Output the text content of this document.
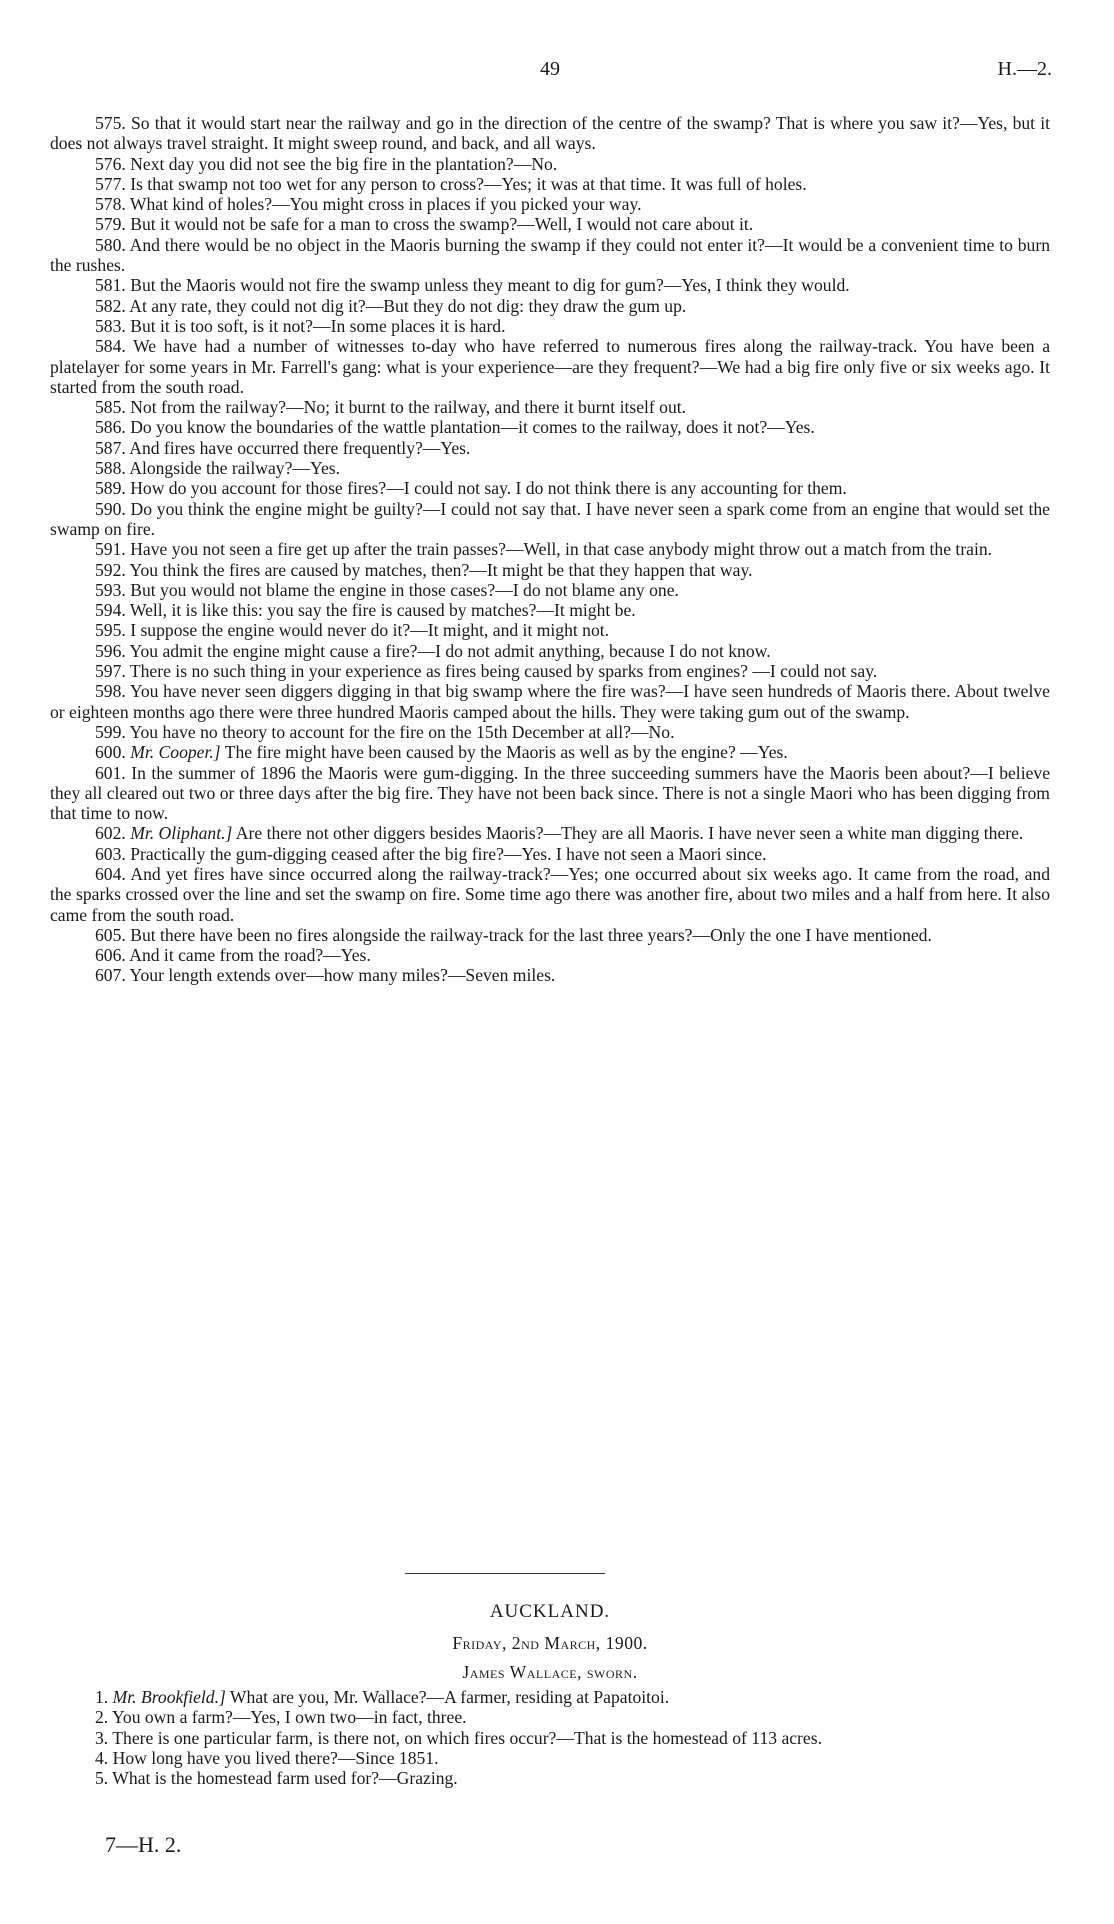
49	H.—2.

575. So that it would start near the railway and go in the direction of the centre of the swamp? That is where you saw it?—Yes, but it does not always travel straight. It might sweep round, and back, and all ways.

576. Next day you did not see the big fire in the plantation?—No.

577. Is that swamp not too wet for any person to cross?—Yes; it was at that time. It was full of holes.

578. What kind of holes?—You might cross in places if you picked your way.

579. But it would not be safe for a man to cross the swamp?—Well, I would not care about it.

580. And there would be no object in the Maoris burning the swamp if they could not enter it?—It would be a convenient time to burn the rushes.

581. But the Maoris would not fire the swamp unless they meant to dig for gum?—Yes, I think they would.

582. At any rate, they could not dig it?—But they do not dig: they draw the gum up.

583. But it is too soft, is it not?—In some places it is hard.

584. We have had a number of witnesses to-day who have referred to numerous fires along the railway-track. You have been a platelayer for some years in Mr. Farrell's gang: what is your experience—are they frequent?—We had a big fire only five or six weeks ago. It started from the south road.

585. Not from the railway?—No; it burnt to the railway, and there it burnt itself out.

586. Do you know the boundaries of the wattle plantation—it comes to the railway, does it not?—Yes.

587. And fires have occurred there frequently?—Yes.

588. Alongside the railway?—Yes.

589. How do you account for those fires?—I could not say. I do not think there is any accounting for them.

590. Do you think the engine might be guilty?—I could not say that. I have never seen a spark come from an engine that would set the swamp on fire.

591. Have you not seen a fire get up after the train passes?—Well, in that case anybody might throw out a match from the train.

592. You think the fires are caused by matches, then?—It might be that they happen that way.

593. But you would not blame the engine in those cases?—I do not blame any one.

594. Well, it is like this: you say the fire is caused by matches?—It might be.

595. I suppose the engine would never do it?—It might, and it might not.

596. You admit the engine might cause a fire?—I do not admit anything, because I do not know.

597. There is no such thing in your experience as fires being caused by sparks from engines? —I could not say.

598. You have never seen diggers digging in that big swamp where the fire was?—I have seen hundreds of Maoris there. About twelve or eighteen months ago there were three hundred Maoris camped about the hills. They were taking gum out of the swamp.

599. You have no theory to account for the fire on the 15th December at all?—No.

600. Mr. Cooper.] The fire might have been caused by the Maoris as well as by the engine? —Yes.

601. In the summer of 1896 the Maoris were gum-digging. In the three succeeding summers have the Maoris been about?—I believe they all cleared out two or three days after the big fire. They have not been back since. There is not a single Maori who has been digging from that time to now.

602. Mr. Oliphant.] Are there not other diggers besides Maoris?—They are all Maoris. I have never seen a white man digging there.

603. Practically the gum-digging ceased after the big fire?—Yes. I have not seen a Maori since.

604. And yet fires have since occurred along the railway-track?—Yes; one occurred about six weeks ago. It came from the road, and the sparks crossed over the line and set the swamp on fire. Some time ago there was another fire, about two miles and a half from here. It also came from the south road.

605. But there have been no fires alongside the railway-track for the last three years?—Only the one I have mentioned.

606. And it came from the road?—Yes.

607. Your length extends over—how many miles?—Seven miles.

AUCKLAND.
Friday, 2nd March, 1900.
James Wallace, sworn.

1. Mr. Brookfield.] What are you, Mr. Wallace?—A farmer, residing at Papatoitoi.

2. You own a farm?—Yes, I own two—in fact, three.

3. There is one particular farm, is there not, on which fires occur?—That is the homestead of 113 acres.

4. How long have you lived there?—Since 1851.

5. What is the homestead farm used for?—Grazing.

7—H. 2.
